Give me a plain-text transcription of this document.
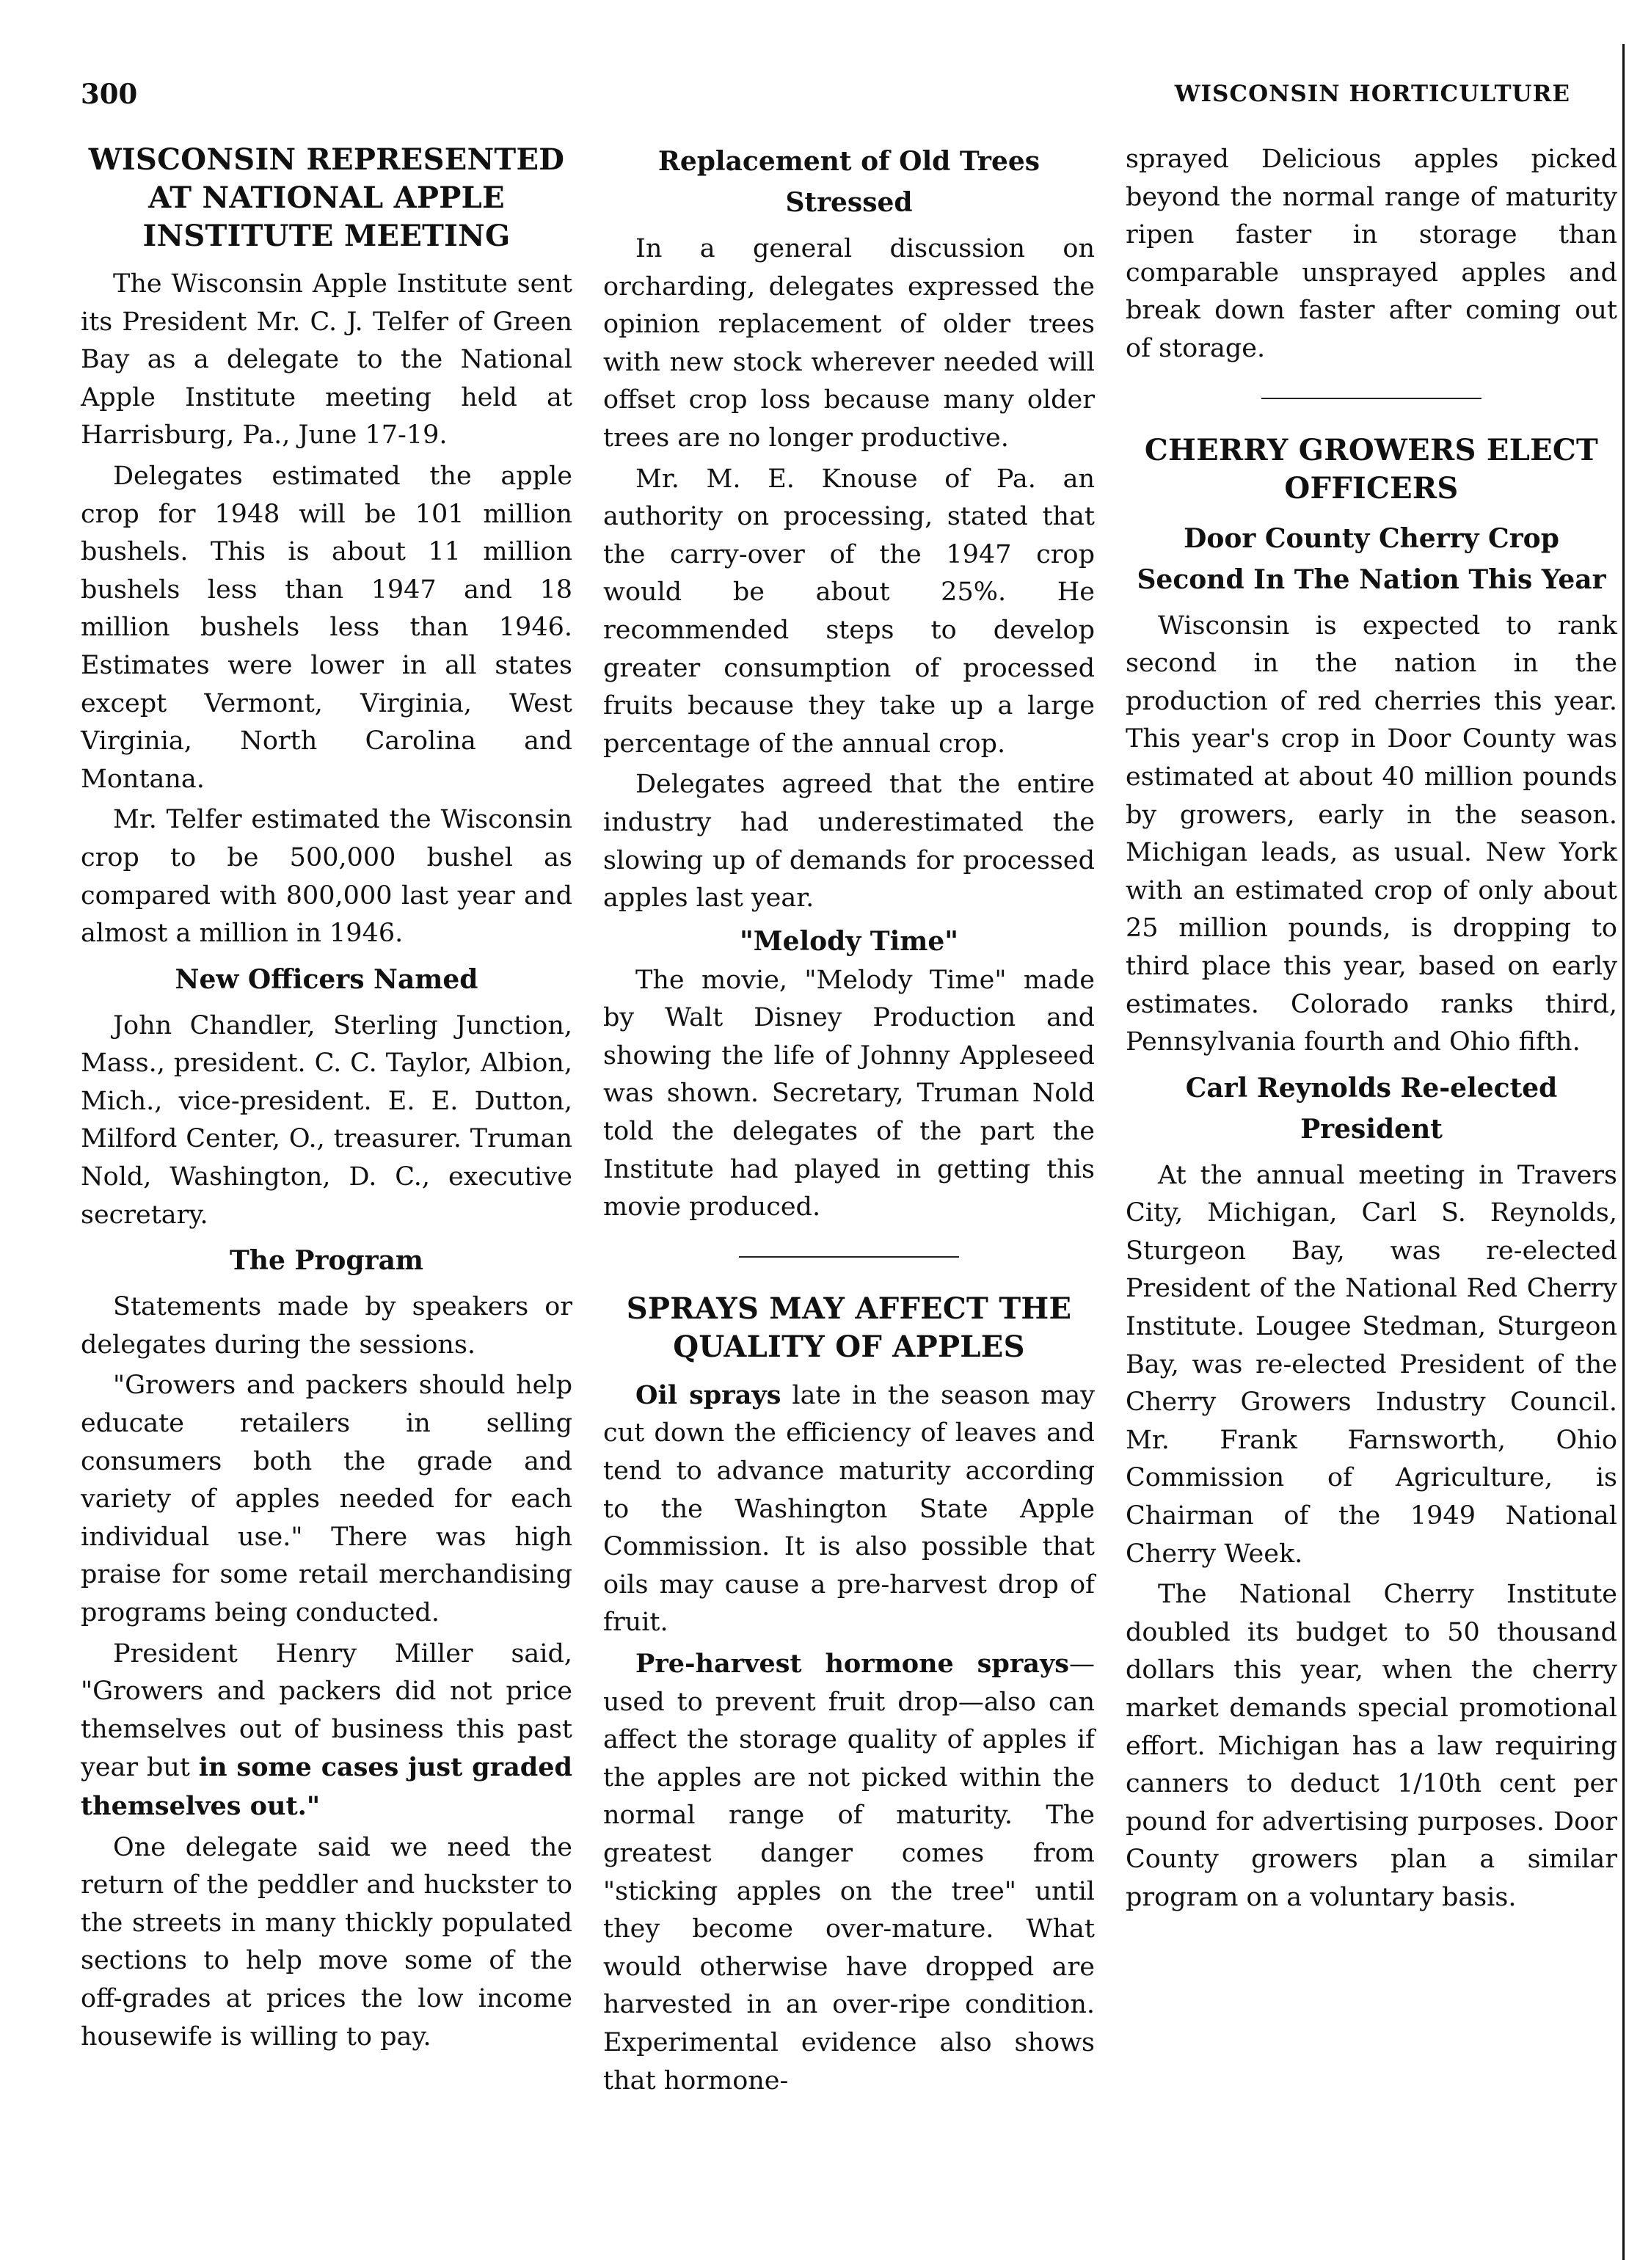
300	WISCONSIN HORTICULTURE
WISCONSIN REPRESENTED AT NATIONAL APPLE INSTITUTE MEETING

The Wisconsin Apple Institute sent its President Mr. C. J. Telfer of Green Bay as a delegate to the National Apple Institute meeting held at Harrisburg, Pa., June 17-19.

Delegates estimated the apple crop for 1948 will be 101 million bushels. This is about 11 million bushels less than 1947 and 18 million bushels less than 1946. Estimates were lower in all states except Vermont, Virginia, West Virginia, North Carolina and Montana.

Mr. Telfer estimated the Wisconsin crop to be 500,000 bushel as compared with 800,000 last year and almost a million in 1946.

New Officers Named

John Chandler, Sterling Junction, Mass., president. C. C. Taylor, Albion, Mich., vice-president. E. E. Dutton, Milford Center, O., treasurer. Truman Nold, Washington, D. C., executive secretary.

The Program

Statements made by speakers or delegates during the sessions.

"Growers and packers should help educate retailers in selling consumers both the grade and variety of apples needed for each individual use." There was high praise for some retail merchandising programs being conducted.

President Henry Miller said, "Growers and packers did not price themselves out of business this past year but in some cases just graded themselves out."

One delegate said we need the return of the peddler and huckster to the streets in many thickly populated sections to help move some of the off-grades at prices the low income housewife is willing to pay.

Replacement of Old Trees Stressed

In a general discussion on orcharding, delegates expressed the opinion replacement of older trees with new stock wherever needed will offset crop loss because many older trees are no longer productive.

Mr. M. E. Knouse of Pa. an authority on processing, stated that the carry-over of the 1947 crop would be about 25%. He recommended steps to develop greater consumption of processed fruits because they take up a large percentage of the annual crop.

Delegates agreed that the entire industry had underestimated the slowing up of demands for processed apples last year.

"Melody Time"

The movie, "Melody Time" made by Walt Disney Production and showing the life of Johnny Appleseed was shown. Secretary, Truman Nold told the delegates of the part the Institute had played in getting this movie produced.

SPRAYS MAY AFFECT THE QUALITY OF APPLES

Oil sprays late in the season may cut down the efficiency of leaves and tend to advance maturity according to the Washington State Apple Commission. It is also possible that oils may cause a pre-harvest drop of fruit.

Pre-harvest hormone sprays—used to prevent fruit drop—also can affect the storage quality of apples if the apples are not picked within the normal range of maturity. The greatest danger comes from "sticking apples on the tree" until they become over-mature. What would otherwise have dropped are harvested in an over-ripe condition. Experimental evidence also shows that hormone-

sprayed Delicious apples picked beyond the normal range of maturity ripen faster in storage than comparable unsprayed apples and break down faster after coming out of storage.

CHERRY GROWERS ELECT OFFICERS
Door County Cherry Crop Second In The Nation This Year

Wisconsin is expected to rank second in the nation in the production of red cherries this year. This year's crop in Door County was estimated at about 40 million pounds by growers, early in the season. Michigan leads, as usual. New York with an estimated crop of only about 25 million pounds, is dropping to third place this year, based on early estimates. Colorado ranks third, Pennsylvania fourth and Ohio fifth.

Carl Reynolds Re-elected President

At the annual meeting in Travers City, Michigan, Carl S. Reynolds, Sturgeon Bay, was re-elected President of the National Red Cherry Institute. Lougee Stedman, Sturgeon Bay, was re-elected President of the Cherry Growers Industry Council. Mr. Frank Farnsworth, Ohio Commission of Agriculture, is Chairman of the 1949 National Cherry Week.

The National Cherry Institute doubled its budget to 50 thousand dollars this year, when the cherry market demands special promotional effort. Michigan has a law requiring canners to deduct 1/10th cent per pound for advertising purposes. Door County growers plan a similar program on a voluntary basis.
